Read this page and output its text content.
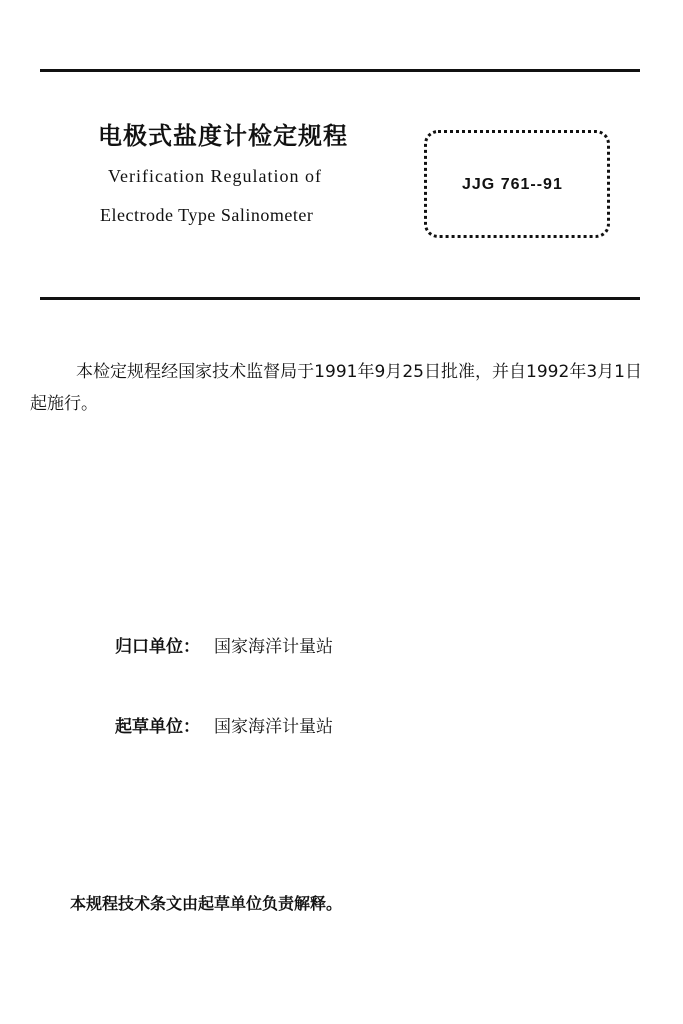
电极式盐度计检定规程
Verification Regulation of
Electrode Type Salinometer
JJG 761--91
本检定规程经国家技术监督局于1991年9月25日批准，并自1992年3月1日起施行。
归口单位： 国家海洋计量站
起草单位： 国家海洋计量站
本规程技术条文由起草单位负责解释。
